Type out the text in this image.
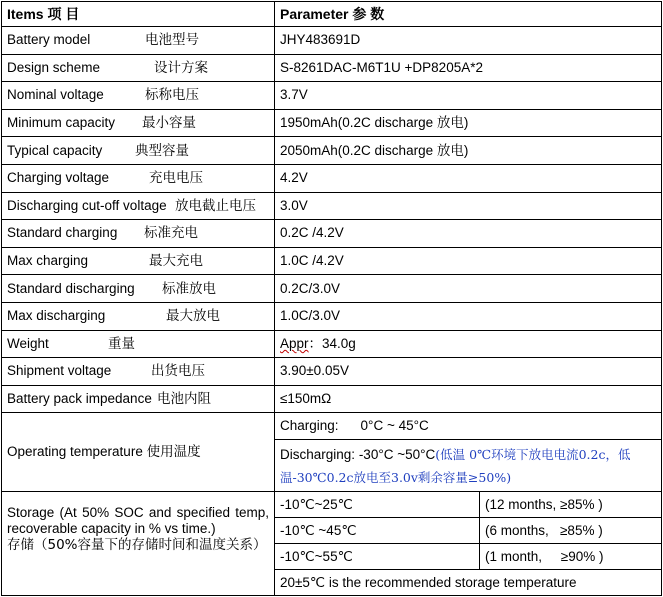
Items 项 目	Parameter 参 数	
Battery model 电池型号	JHY483691D	
Design scheme 设计方案	S-8261DAC-M6T1U +DP8205A*2	
Nominal voltage 标称电压	3.7V	
Minimum capacity 最小容量	1950mAh(0.2C discharge 放电)	
Typical capacity 典型容量	2050mAh(0.2C discharge 放电)	
Charging voltage 充电电压	4.2V	
Discharging cut-off voltage 放电截止电压	3.0V	
Standard charging 标准充电	0.2C /4.2V	
Max charging 最大充电	1.0C /4.2V	
Standard discharging 标准放电	0.2C/3.0V	
Max discharging 最大放电	1.0C/3.0V	
Weight 重量	Appr：34.0g	
Shipment voltage 出货电压	3.90±0.05V	
Battery pack impedance 电池内阻	≤150mΩ	
Operating temperature 使用温度	Charging: 0°C ~ 45°C	
	Discharging: -30°C ~50°C(低温 0℃环境下放电电流0.2c，低温-30℃0.2c放电至3.0v剩余容量≥50%)	

Storage (At 50% SOC and specified temp, recoverable capacity in % vs time.)
存储（50%容量下的存储时间和温度关系）	-10℃~25℃	(12 months, ≥85% )
	-10℃ ~45℃	(6 months,   ≥85% )
	-10℃~55℃	(1 month,     ≥90% )
	20±5℃ is the recommended storage temperature	
